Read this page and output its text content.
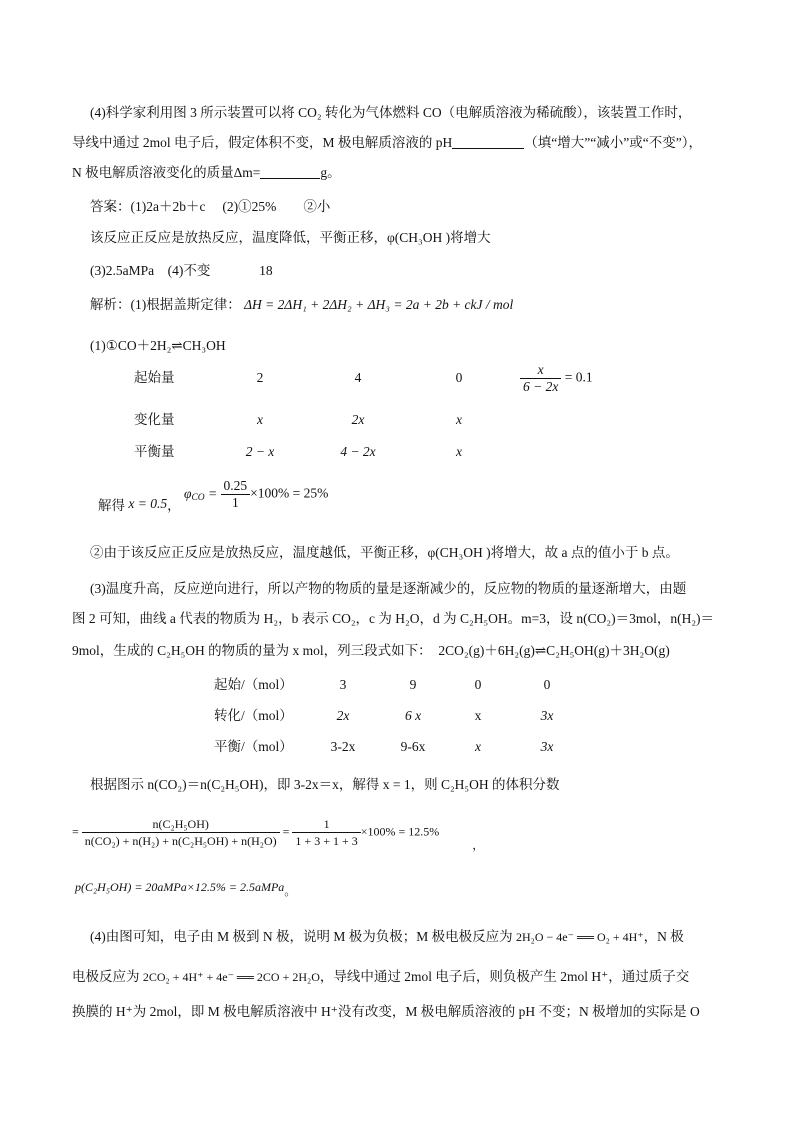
(4)科学家利用图 3 所示装置可以将 CO₂ 转化为气体燃料 CO（电解质溶液为稀硫酸），该装置工作时，
导线中通过 2mol 电子后，假定体积不变，M 极电解质溶液的 pH	（填“增大”“减小”或“不变”），
N 极电解质溶液变化的质量Δm=	g。
答案：(1)2a＋2b＋c　 (2)①25%　　②小
该反应正反应是放热反应，温度降低，平衡正移，φ(CH₃OH )将增大
(3)2.5aMPa　(4)不变	18
解析：(1)根据盖斯定律： ΔH = 2ΔH₁ + 2ΔH₂ + ΔH₃ = 2a + 2b + ckJ / mol
(1)①CO＋2H₂⇌CH₃OH
起始量	2	4	0	$\frac{x}{6 - 2x} = 0.1$
变化量	x	2x	x
平衡量	2 − x	4 − 2x	x
解得 x = 0.5， $\varphi_{CO} = \frac{0.25}{1} \times 100\% = 25\%$
②由于该反应正反应是放热反应，温度越低，平衡正移，φ(CH₃OH )将增大，故 a 点的值小于 b 点。
(3)温度升高，反应逆向进行，所以产物的物质的量是逐渐减少的，反应物的物质的量逐渐增大，由题
图 2 可知，曲线 a 代表的物质为 H₂，b 表示 CO₂，c 为 H₂O，d 为 C₂H₅OH。m=3，设 n(CO₂)＝3mol，n(H₂)＝
9mol，生成的 C₂H₅OH 的物质的量为 x mol，列三段式如下：　2CO₂(g)＋6H₂(g)⇌C₂H₅OH(g)＋3H₂O(g)
起始/（mol）	3	9	0	0
转化/（mol）	2x	6 x	x	3x
平衡/（mol）	3-2x	9-6x	x	3x
根据图示 n(CO₂)＝n(C₂H₅OH)，即 3-2x＝x，解得 x = 1，则 C₂H₅OH 的体积分数
= $\frac{\text{n(C₂H₅OH)}}{\text{n(CO₂) + n(H₂) + n(C₂H₅OH) + n(H₂O)}} = \frac{1}{1 + 3 + 1 + 3} \times 100\% = 12.5\%$ ，
p(C₂H₅OH) = 20aMPa×12.5% = 2.5aMPa。
(4)由图可知，电子由 M 极到 N 极，说明 M 极为负极；M 极电极反应为 2H₂O − 4e⁻ ══ O₂ + 4H⁺，N 极
电极反应为 2CO₂ + 4H⁺ + 4e⁻ ══ 2CO + 2H₂O，导线中通过 2mol 电子后，则负极产生 2mol H⁺，通过质子交
换膜的 H⁺为 2mol，即 M 极电解质溶液中 H⁺没有改变，M 极电解质溶液的 pH 不变；N 极增加的实际是 O
